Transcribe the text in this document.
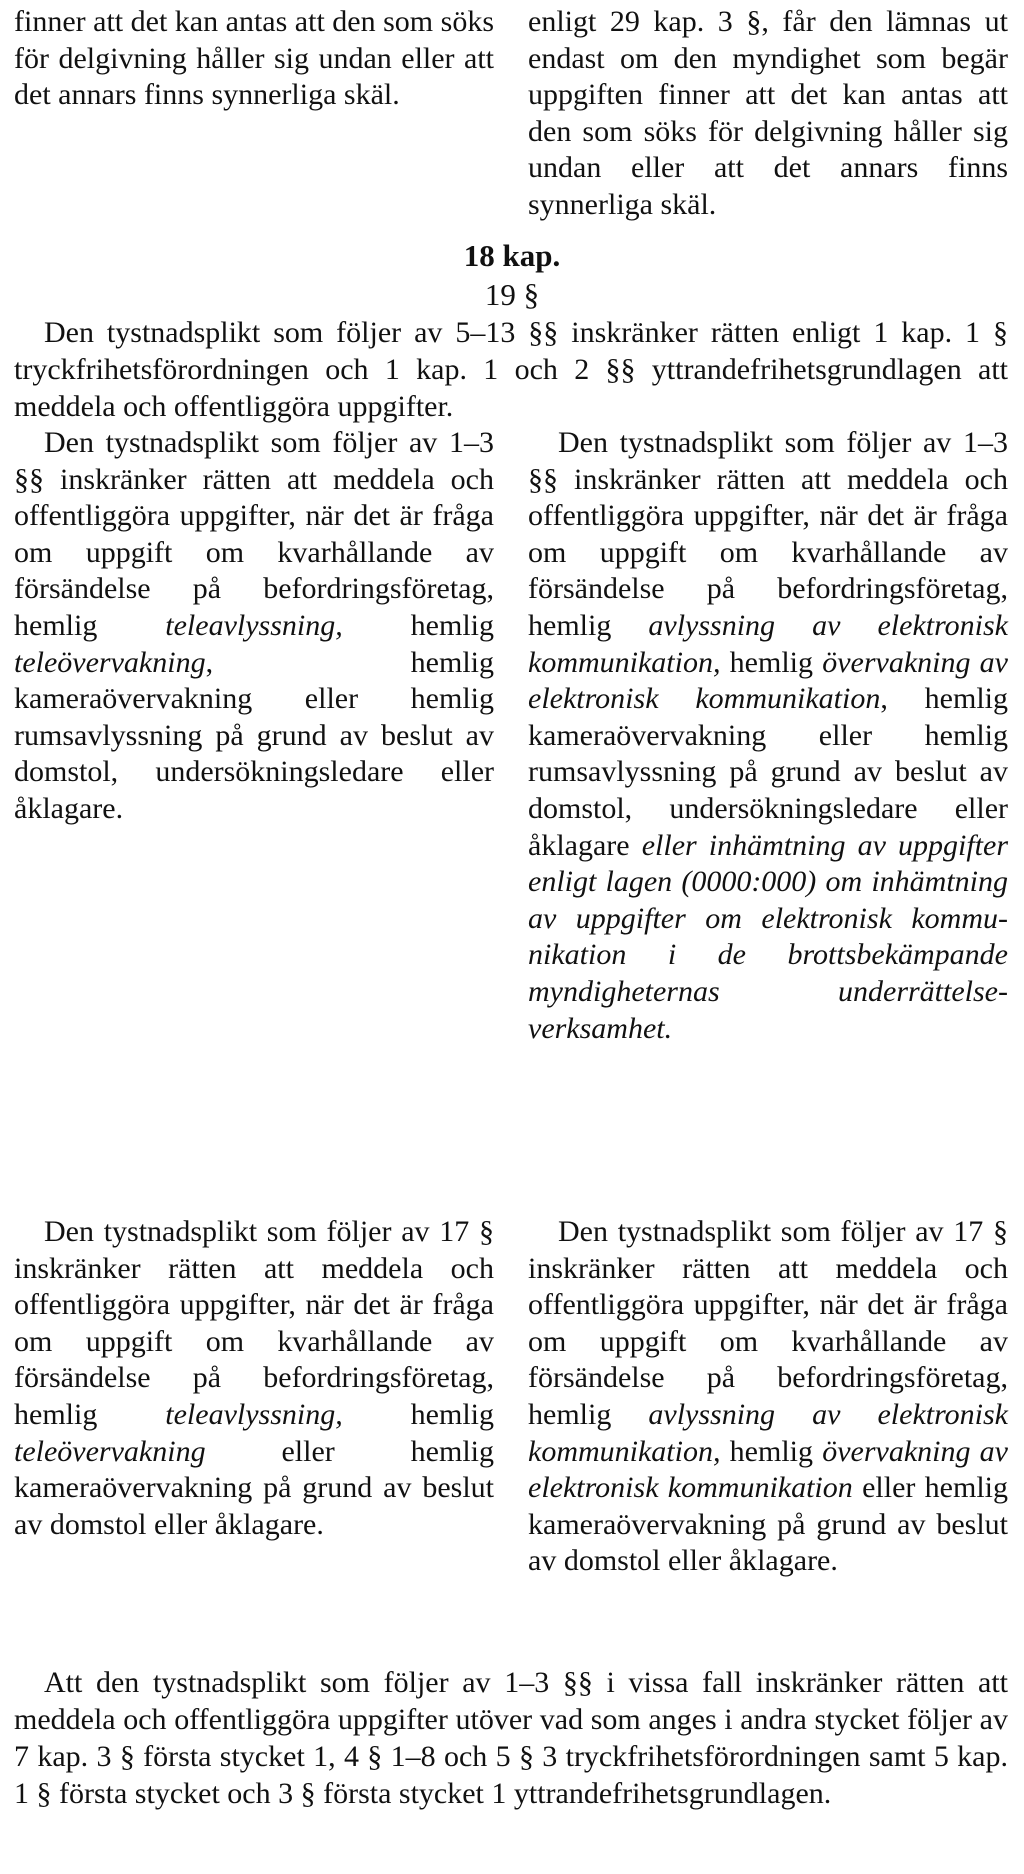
finner att det kan antas att den som söks för delgivning håller sig undan eller att det annars finns synnerliga skäl.

enligt 29 kap. 3 §, får den lämnas ut endast om den myndighet som begär uppgiften finner att det kan antas att den som söks för delgivning håller sig undan eller att det annars finns synnerliga skäl.

18 kap.
19 §

Den tystnadsplikt som följer av 5–13 §§ inskränker rätten enligt 1 kap. 1 § tryckfrihetsförordningen och 1 kap. 1 och 2 §§ yttrandefrihetsgrundlagen att meddela och offentliggöra uppgifter.

Den tystnadsplikt som följer av 1–3 §§ inskränker rätten att meddela och offentliggöra uppgifter, när det är fråga om uppgift om kvarhållande av försändelse på befordringsföretag, hemlig teleavlyssning, hemlig teleövervakning, hemlig kameraövervakning eller hemlig rumsavlyssning på grund av beslut av domstol, undersökningsledare eller åklagare.

Den tystnadsplikt som följer av 1–3 §§ inskränker rätten att meddela och offentliggöra uppgifter, när det är fråga om uppgift om kvarhållande av försändelse på befordringsföretag, hemlig avlyssning av elektronisk kommunikation, hemlig övervakning av elektronisk kommunikation, hemlig kameraövervakning eller hemlig rumsavlyssning på grund av beslut av domstol, undersökningsledare eller åklagare eller inhämtning av uppgifter enligt lagen (0000:000) om inhämtning av uppgifter om elektronisk kommunikation i de brottsbekämpande myndigheternas underrättelseverksamhet.

Den tystnadsplikt som följer av 17 § inskränker rätten att meddela och offentliggöra uppgifter, när det är fråga om uppgift om kvarhållande av försändelse på befordringsföretag, hemlig teleavlyssning, hemlig teleövervakning eller hemlig kameraövervakning på grund av beslut av domstol eller åklagare.

Den tystnadsplikt som följer av 17 § inskränker rätten att meddela och offentliggöra uppgifter, när det är fråga om uppgift om kvarhållande av försändelse på befordringsföretag, hemlig avlyssning av elektronisk kommunikation, hemlig övervakning av elektronisk kommunikation eller hemlig kameraövervakning på grund av beslut av domstol eller åklagare.

Att den tystnadsplikt som följer av 1–3 §§ i vissa fall inskränker rätten att meddela och offentliggöra uppgifter utöver vad som anges i andra stycket följer av 7 kap. 3 § första stycket 1, 4 § 1–8 och 5 § 3 tryckfrihetsförordningen samt 5 kap. 1 § första stycket och 3 § första stycket 1 yttrandefrihetsgrundlagen.
